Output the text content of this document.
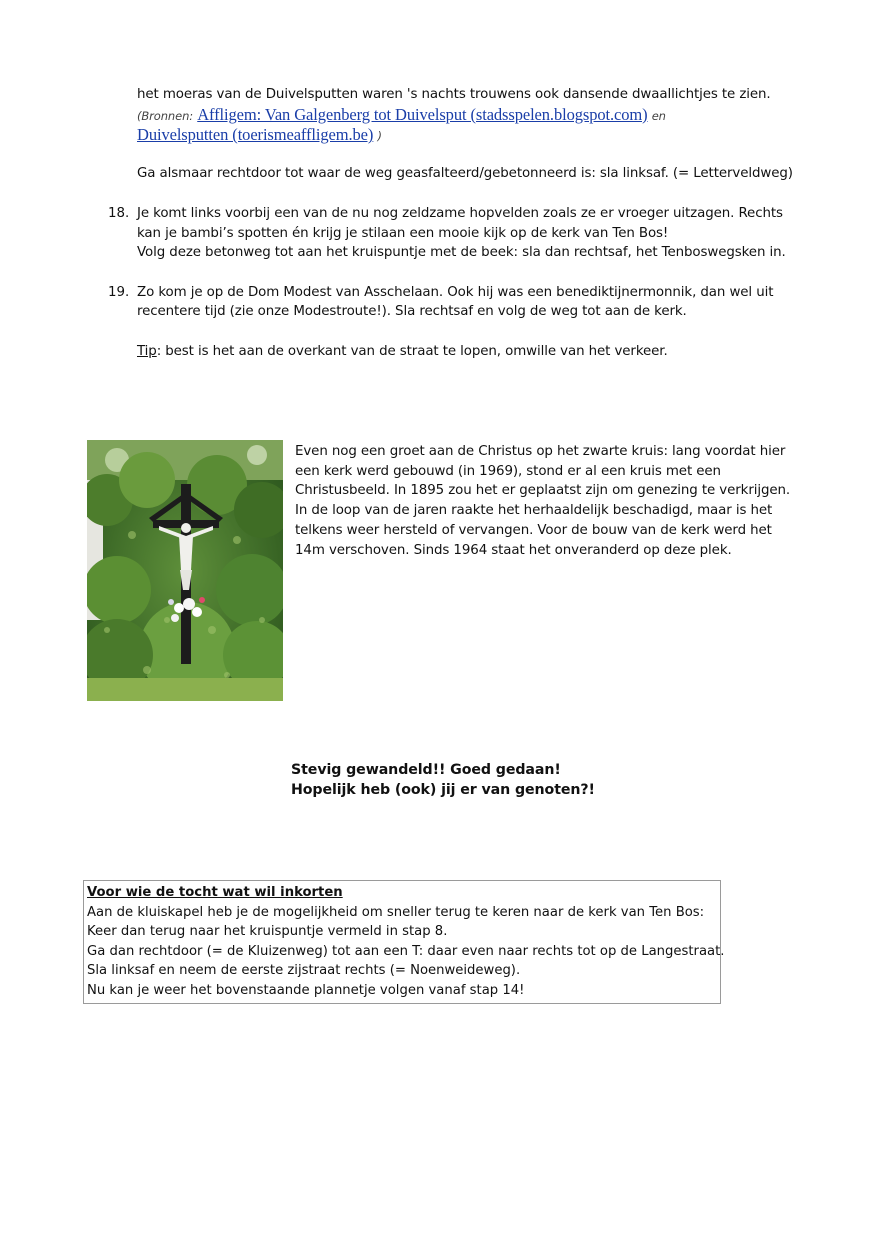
het moeras van de Duivelsputten waren 's nachts trouwens ook dansende dwaallichtjes te zien.
(Bronnen: Affligem: Van Galgenberg tot Duivelsput (stadsspelen.blogspot.com) en
Duivelsputten (toerismeaffligem.be) )
Ga alsmaar rechtdoor tot waar de weg geasfalteerd/gebetonneerd is: sla linksaf. (= Letterveldweg)
18. Je komt links voorbij een van de nu nog zeldzame hopvelden zoals ze er vroeger uitzagen. Rechts
kan je bambi’s spotten én krijg je stilaan een mooie kijk op de kerk van Ten Bos!
Volg deze betonweg tot aan het kruispuntje met de beek: sla dan rechtsaf, het Tenboswegsken in.
19. Zo kom je op de Dom Modest van Asschelaan. Ook hij was een benediktijnermonnik, dan wel uit
recentere tijd (zie onze Modestroute!). Sla rechtsaf en volg de weg tot aan de kerk.
Tip: best is het aan de overkant van de straat te lopen, omwille van het verkeer.
Even nog een groet aan de Christus op het zwarte kruis: lang voordat hier
een kerk werd gebouwd (in 1969), stond er al een kruis met een
Christusbeeld. In 1895 zou het er geplaatst zijn om genezing te verkrijgen.
In de loop van de jaren raakte het herhaaldelijk beschadigd, maar is het
telkens weer hersteld of vervangen. Voor de bouw van de kerk werd het
14m verschoven. Sinds 1964 staat het onveranderd op deze plek.
Stevig gewandeld!! Goed gedaan!
Hopelijk heb (ook) jij er van genoten?!
Voor wie de tocht wat wil inkorten
Aan de kluiskapel heb je de mogelijkheid om sneller terug te keren naar de kerk van Ten Bos:
Keer dan terug naar het kruispuntje vermeld in stap 8.
Ga dan rechtdoor (= de Kluizenweg) tot aan een T: daar even naar rechts tot op de Langestraat.
Sla linksaf en neem de eerste zijstraat rechts (= Noenweideweg).
Nu kan je weer het bovenstaande plannetje volgen vanaf stap 14!
